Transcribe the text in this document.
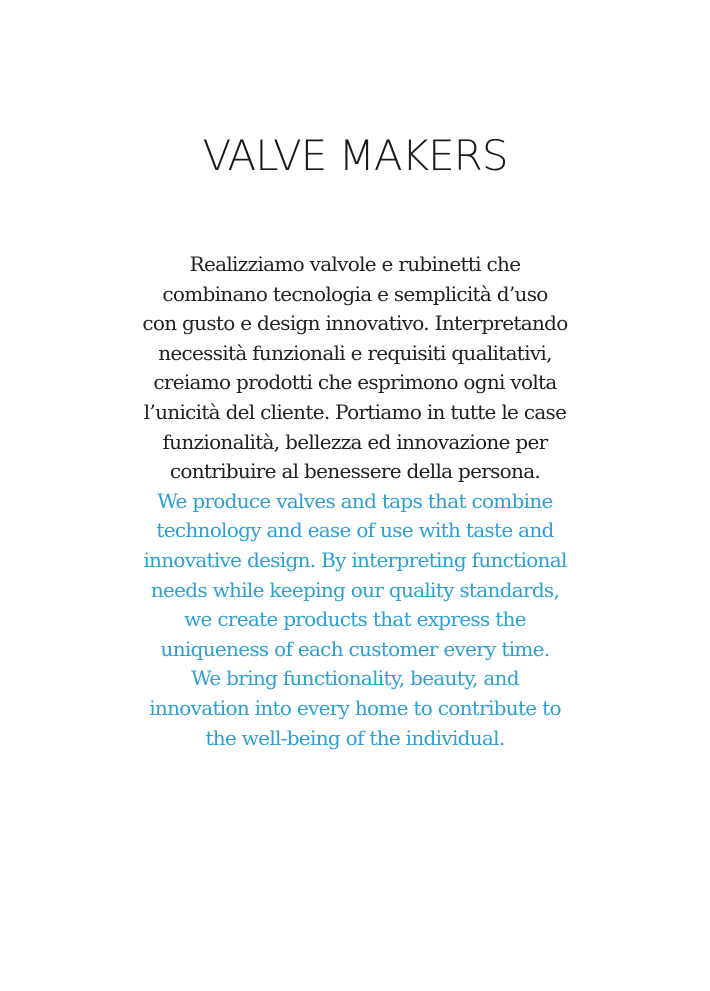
VALVE MAKERS
Realizziamo valvole e rubinetti che
combinano tecnologia e semplicità d’uso
con gusto e design innovativo. Interpretando
necessità funzionali e requisiti qualitativi,
creiamo prodotti che esprimono ogni volta
l’unicità del cliente. Portiamo in tutte le case
funzionalità, bellezza ed innovazione per
contribuire al benessere della persona.
We produce valves and taps that combine
technology and ease of use with taste and
innovative design. By interpreting functional
needs while keeping our quality standards,
we create products that express the
uniqueness of each customer every time.
We bring functionality, beauty, and
innovation into every home to contribute to
the well-being of the individual.
